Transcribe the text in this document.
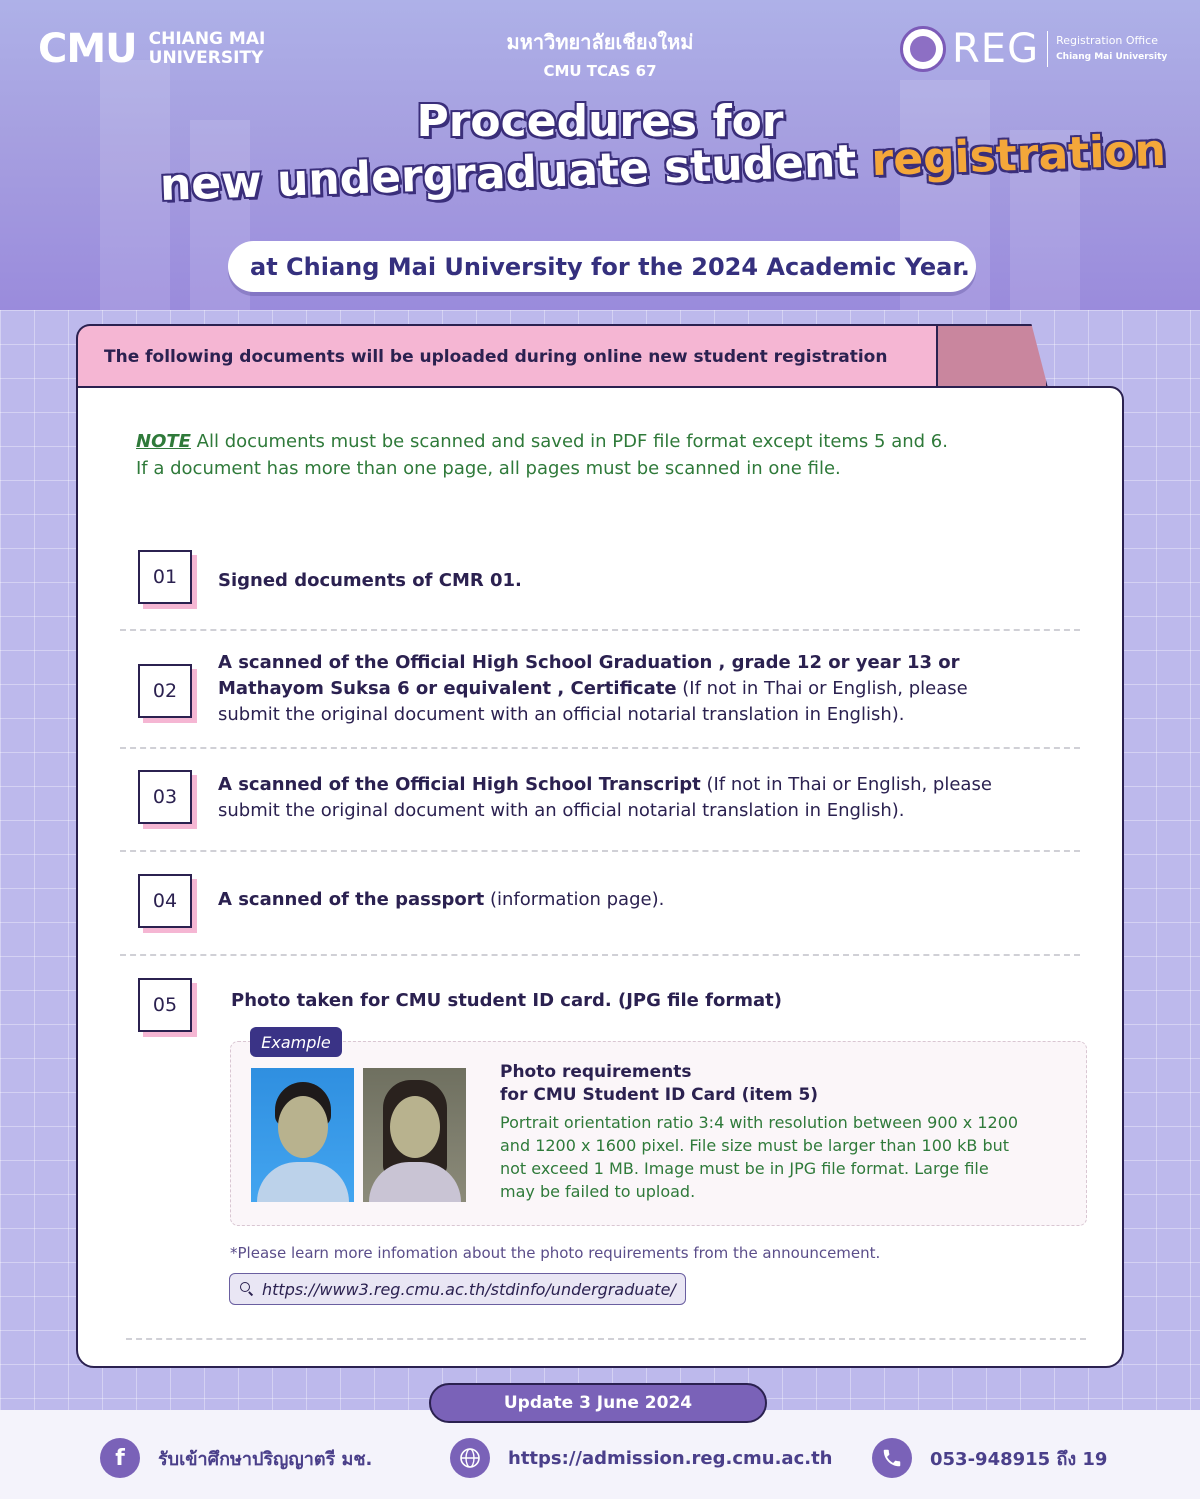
CMU CHIANG MAI
UNIVERSITY
มหาวิทยาลัยเชียงใหม่
CMU TCAS 67	REG Registration Office
Chiang Mai University
Procedures for
new undergraduate student registration
at Chiang Mai University for the 2024 Academic Year.
The following documents will be uploaded during online new student registration
NOTE All documents must be scanned and saved in PDF file format except items 5 and 6.
If a document has more than one page, all pages must be scanned in one file.
01	Signed documents of CMR 01.
02
A scanned of the Official High School Graduation , grade 12 or year 13 or Mathayom Suksa 6 or equivalent , Certificate (If not in Thai or English, please submit the original document with an official notarial translation in English).
03
A scanned of the Official High School Transcript (If not in Thai or English, please submit the original document with an official notarial translation in English).
04	A scanned of the passport (information page).
05	Photo taken for CMU student ID card. (JPG file format)
Example
Photo requirements
for CMU Student ID Card (item 5)
Portrait orientation ratio 3:4 with resolution between 900 x 1200 and 1200 x 1600 pixel. File size must be larger than 100 kB but not exceed 1 MB. Image must be in JPG file format. Large file may be failed to upload.
*Please learn more infomation about the photo requirements from the announcement.
https://www3.reg.cmu.ac.th/stdinfo/undergraduate/
Update 3 June 2024
f	รับเข้าศึกษาปริญญาตรี มช.	https://admission.reg.cmu.ac.th	053-948915 ถึง 19
